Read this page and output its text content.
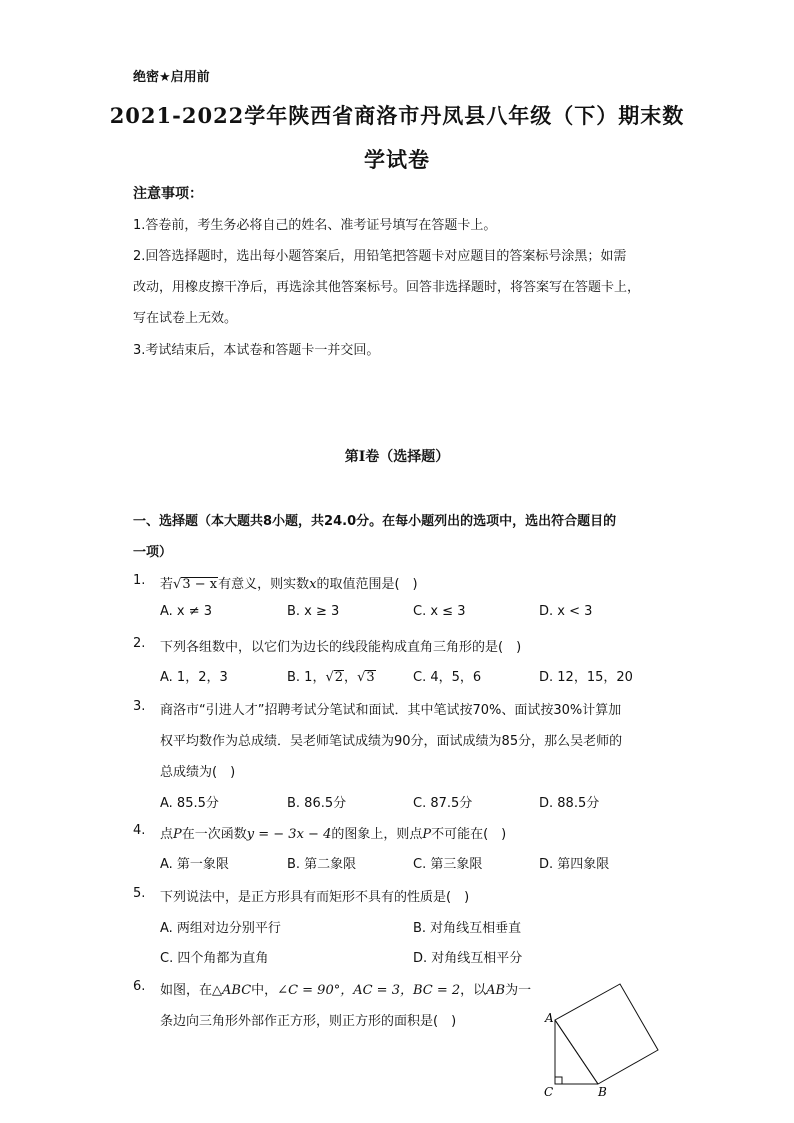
绝密★启用前
2021-2022学年陕西省商洛市丹凤县八年级（下）期末数
学试卷
注意事项：
1.答卷前，考生务必将自己的姓名、准考证号填写在答题卡上。
2.回答选择题时，选出每小题答案后，用铅笔把答题卡对应题目的答案标号涂黑；如需
改动，用橡皮擦干净后，再选涂其他答案标号。回答非选择题时，将答案写在答题卡上，
写在试卷上无效。
3.考试结束后，本试卷和答题卡一并交回。
第I卷（选择题）
一、选择题（本大题共8小题，共24.0分。在每小题列出的选项中，选出符合题目的
一项）
1. 若√3 − x有意义，则实数x的取值范围是(　)
A. x ≠ 3	B. x ≥ 3	C. x ≤ 3	D. x < 3
2. 下列各组数中，以它们为边长的线段能构成直角三角形的是(　)
A. 1，2，3	B. 1，√2，√3	C. 4，5，6	D. 12，15，20
3. 商洛市“引进人才”招聘考试分笔试和面试．其中笔试按70%、面试按30%计算加
权平均数作为总成绩．吴老师笔试成绩为90分，面试成绩为85分，那么吴老师的
总成绩为(　)
A. 85.5分	B. 86.5分	C. 87.5分	D. 88.5分
4. 点P在一次函数y = − 3x − 4的图象上，则点P不可能在(　)
A. 第一象限	B. 第二象限	C. 第三象限	D. 第四象限
5. 下列说法中，是正方形具有而矩形不具有的性质是(　)
A. 两组对边分别平行	B. 对角线互相垂直
C. 四个角都为直角	D. 对角线互相平分
6. 如图，在△ABC中，∠C = 90°，AC = 3，BC = 2，以AB为一
条边向三角形外部作正方形，则正方形的面积是(　)	A
C	B
